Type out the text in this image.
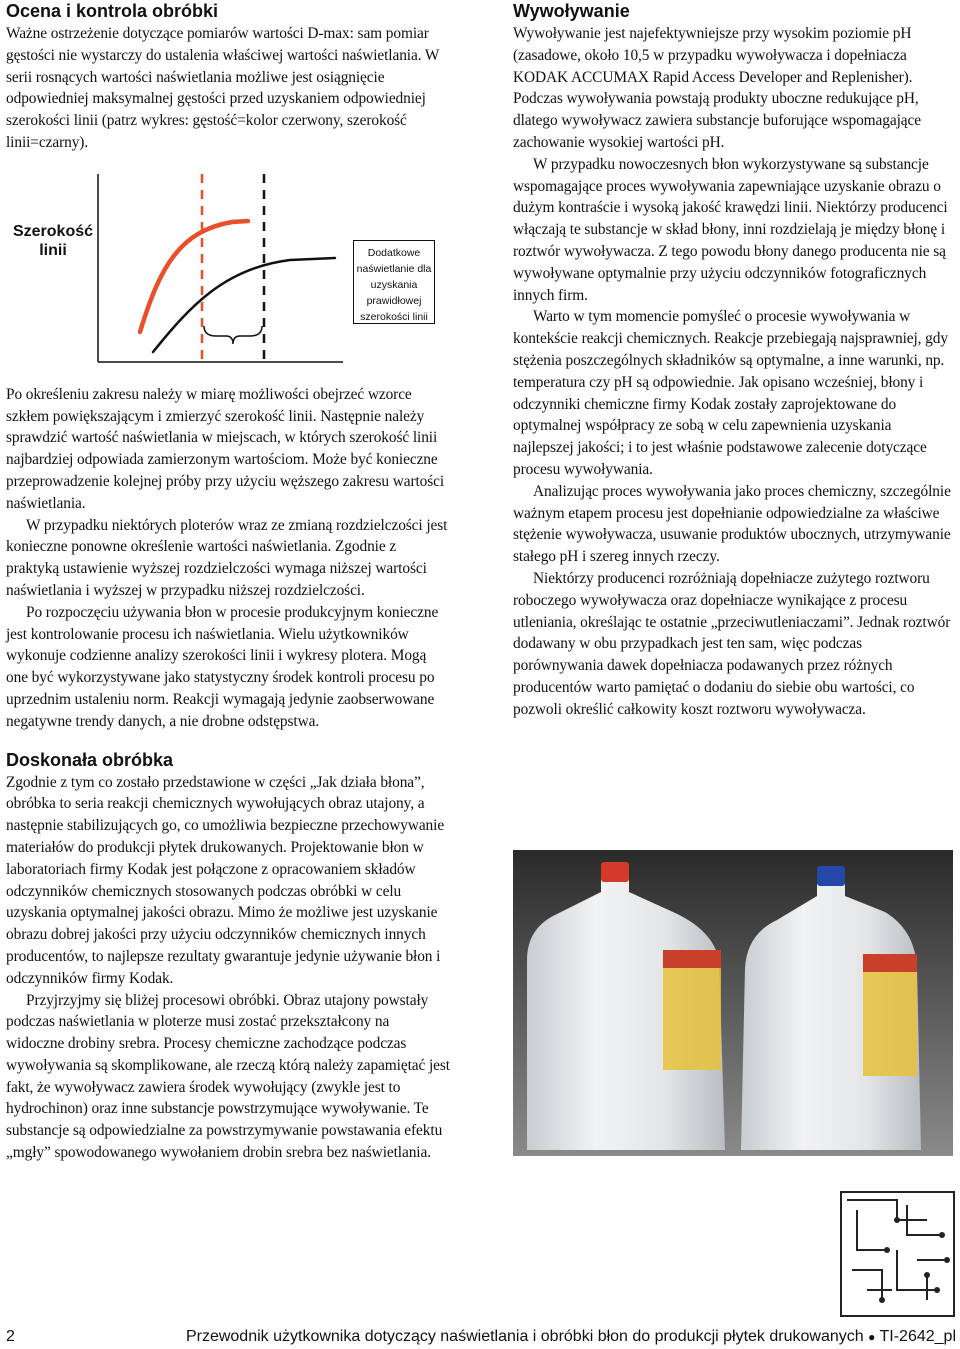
Ocena i kontrola obróbki

Ważne ostrzeżenie dotyczące pomiarów wartości D-max: sam pomiar gęstości nie wystarczy do ustalenia właściwej wartości naświetlania. W serii rosnących wartości naświetlania możliwe jest osiągnięcie odpowiedniej maksymalnej gęstości przed uzyskaniem odpowiedniej szerokości linii (patrz wykres: gęstość=kolor czerwony, szerokość linii=czarny).

Szerokość linii	Dodatkowe naświetlanie dla uzyskania prawidłowej szerokości linii

Po określeniu zakresu należy w miarę możliwości obejrzeć wzorce szkłem powiększającym i zmierzyć szerokość linii. Następnie należy sprawdzić wartość naświetlania w miejscach, w których szerokość linii najbardziej odpowiada zamierzonym wartościom. Może być konieczne przeprowadzenie kolejnej próby przy użyciu węższego zakresu wartości naświetlania.

W przypadku niektórych ploterów wraz ze zmianą rozdzielczości jest konieczne ponowne określenie wartości naświetlania. Zgodnie z praktyką ustawienie wyższej rozdzielczości wymaga niższej wartości naświetlania i wyższej w przypadku niższej rozdzielczości.

Po rozpoczęciu używania błon w procesie produkcyjnym konieczne jest kontrolowanie procesu ich naświetlania. Wielu użytkowników wykonuje codzienne analizy szerokości linii i wykresy plotera. Mogą one być wykorzystywane jako statystyczny środek kontroli procesu po uprzednim ustaleniu norm. Reakcji wymagają jedynie zaobserwowane negatywne trendy danych, a nie drobne odstępstwa.

Doskonała obróbka

Zgodnie z tym co zostało przedstawione w części „Jak działa błona”, obróbka to seria reakcji chemicznych wywołujących obraz utajony, a następnie stabilizujących go, co umożliwia bezpieczne przechowywanie materiałów do produkcji płytek drukowanych. Projektowanie błon w laboratoriach firmy Kodak jest połączone z opracowaniem składów odczynników chemicznych stosowanych podczas obróbki w celu uzyskania optymalnej jakości obrazu. Mimo że możliwe jest uzyskanie obrazu dobrej jakości przy użyciu odczynników chemicznych innych producentów, to najlepsze rezultaty gwarantuje jedynie używanie błon i odczynników firmy Kodak.

Przyjrzyjmy się bliżej procesowi obróbki. Obraz utajony powstały podczas naświetlania w ploterze musi zostać przekształcony na widoczne drobiny srebra. Procesy chemiczne zachodzące podczas wywoływania są skomplikowane, ale rzeczą którą należy zapamiętać jest fakt, że wywoływacz zawiera środek wywołujący (zwykle jest to hydrochinon) oraz inne substancje powstrzymujące wywoływanie. Te substancje są odpowiedzialne za powstrzymywanie powstawania efektu „mgły” spowodowanego wywołaniem drobin srebra bez naświetlania.

Wywoływanie

Wywoływanie jest najefektywniejsze przy wysokim poziomie pH (zasadowe, około 10,5 w przypadku wywoływacza i dopełniacza KODAK ACCUMAX Rapid Access Developer and Replenisher). Podczas wywoływania powstają produkty uboczne redukujące pH, dlatego wywoływacz zawiera substancje buforujące wspomagające zachowanie wysokiej wartości pH.

W przypadku nowoczesnych błon wykorzystywane są substancje wspomagające proces wywoływania zapewniające uzyskanie obrazu o dużym kontraście i wysoką jakość krawędzi linii. Niektórzy producenci włączają te substancje w skład błony, inni rozdzielają je między błonę i roztwór wywoływacza. Z tego powodu błony danego producenta nie są wywoływane optymalnie przy użyciu odczynników fotograficznych innych firm.

Warto w tym momencie pomyśleć o procesie wywoływania w kontekście reakcji chemicznych. Reakcje przebiegają najsprawniej, gdy stężenia poszczególnych składników są optymalne, a inne warunki, np. temperatura czy pH są odpowiednie. Jak opisano wcześniej, błony i odczynniki chemiczne firmy Kodak zostały zaprojektowane do optymalnej współpracy ze sobą w celu zapewnienia uzyskania najlepszej jakości; i to jest właśnie podstawowe zalecenie dotyczące procesu wywoływania.

Analizując proces wywoływania jako proces chemiczny, szczególnie ważnym etapem procesu jest dopełnianie odpowiedzialne za właściwe stężenie wywoływacza, usuwanie produktów ubocznych, utrzymywanie stałego pH i szereg innych rzeczy.

Niektórzy producenci rozróżniają dopełniacze zużytego roztworu roboczego wywoływacza oraz dopełniacze wynikające z procesu utleniania, określając te ostatnie „przeciwutleniaczami”. Jednak roztwór dodawany w obu przypadkach jest ten sam, więc podczas porównywania dawek dopełniacza podawanych przez różnych producentów warto pamiętać o dodaniu do siebie obu wartości, co pozwoli określić całkowity koszt roztworu wywoływacza.

2	Przewodnik użytkownika dotyczący naświetlania i obróbki błon do produkcji płytek drukowanych ● TI-2642_pl
